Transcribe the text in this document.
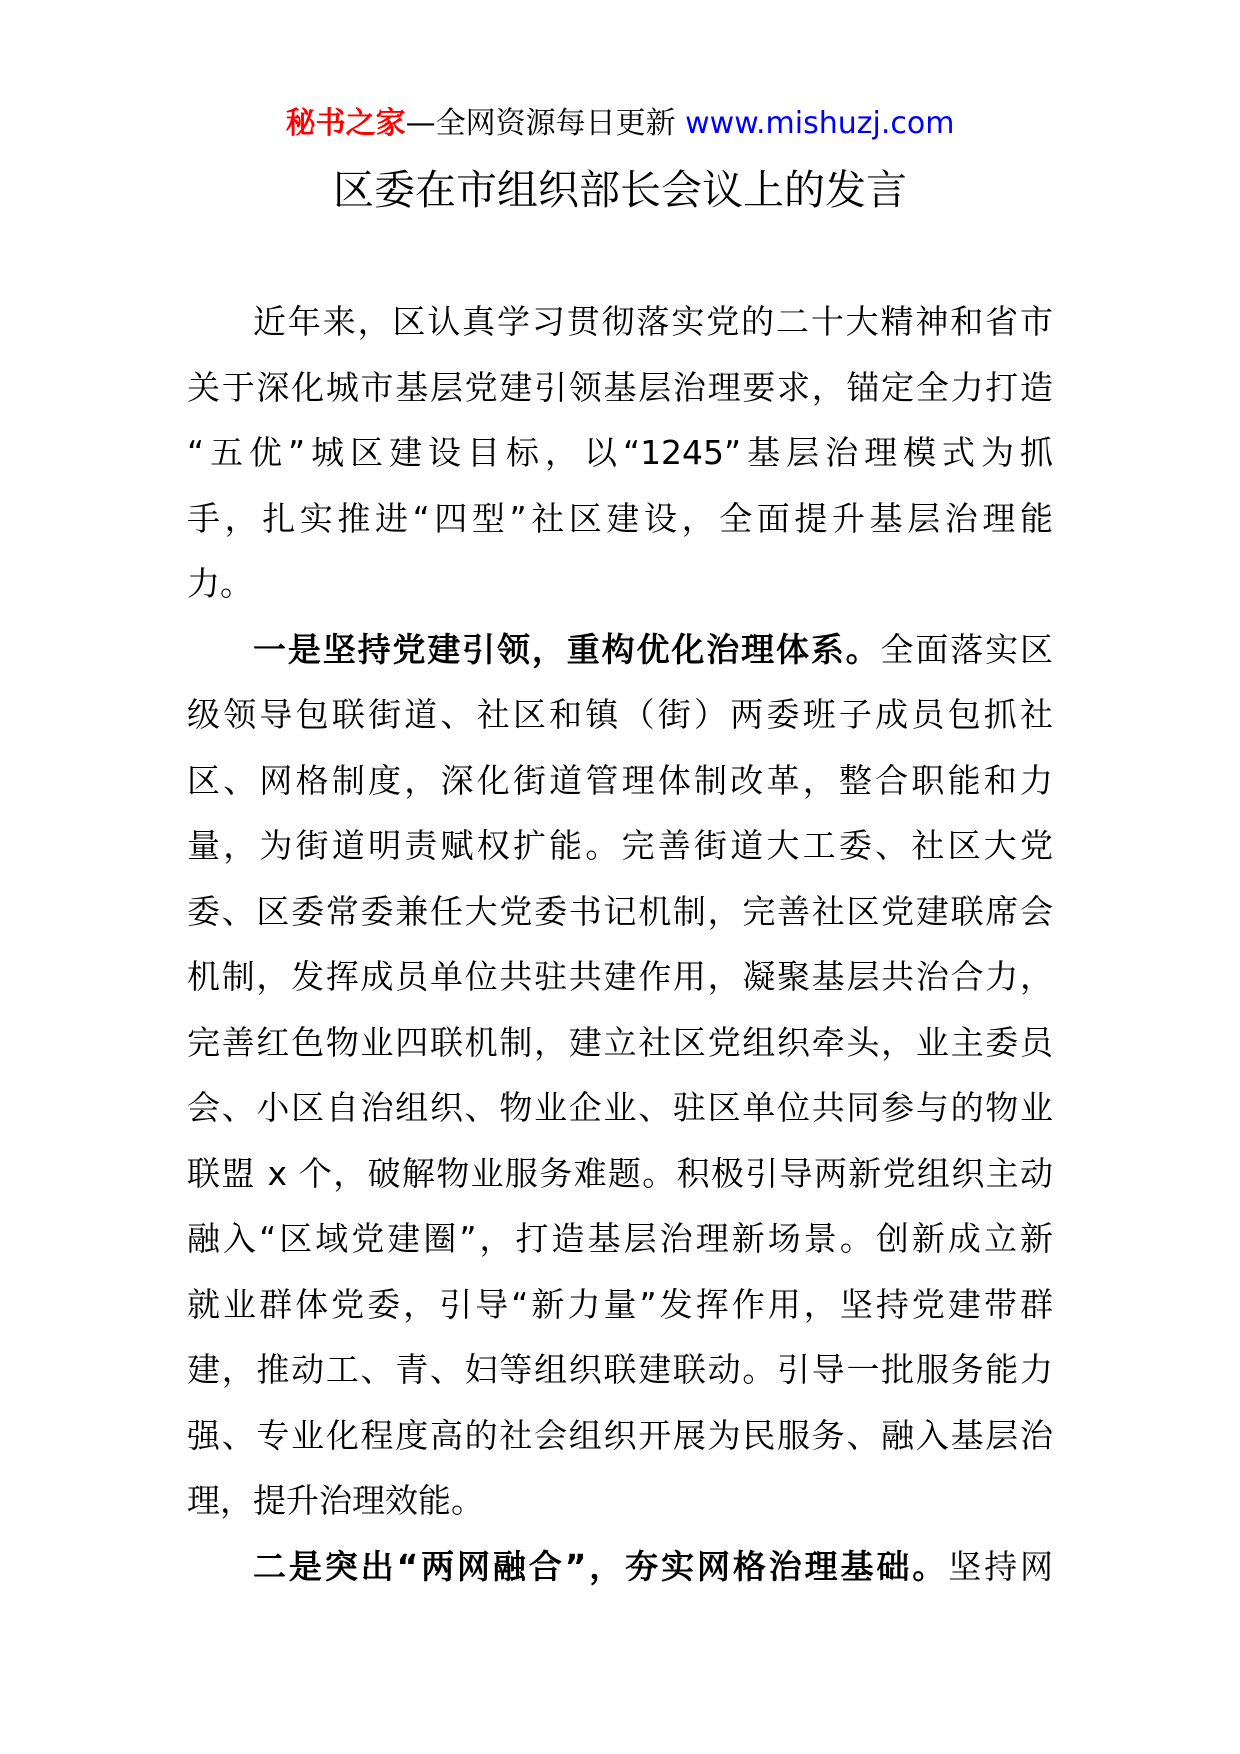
秘书之家—全网资源每日更新 www.mishuzj.com
区委在市组织部长会议上的发言
近年来，区认真学习贯彻落实党的二十大精神和省市
关于深化城市基层党建引领基层治理要求，锚定全力打造
“五优”城区建设目标，以“1245”基层治理模式为抓
手，扎实推进“四型”社区建设，全面提升基层治理能
力。
一是坚持党建引领，重构优化治理体系。全面落实区
级领导包联街道、社区和镇（街）两委班子成员包抓社
区、网格制度，深化街道管理体制改革，整合职能和力
量，为街道明责赋权扩能。完善街道大工委、社区大党
委、区委常委兼任大党委书记机制，完善社区党建联席会
机制，发挥成员单位共驻共建作用，凝聚基层共治合力，
完善红色物业四联机制，建立社区党组织牵头，业主委员
会、小区自治组织、物业企业、驻区单位共同参与的物业
联盟 x 个，破解物业服务难题。积极引导两新党组织主动
融入“区域党建圈”，打造基层治理新场景。创新成立新
就业群体党委，引导“新力量”发挥作用，坚持党建带群
建，推动工、青、妇等组织联建联动。引导一批服务能力
强、专业化程度高的社会组织开展为民服务、融入基层治
理，提升治理效能。
二是突出“两网融合”，夯实网格治理基础。坚持网
